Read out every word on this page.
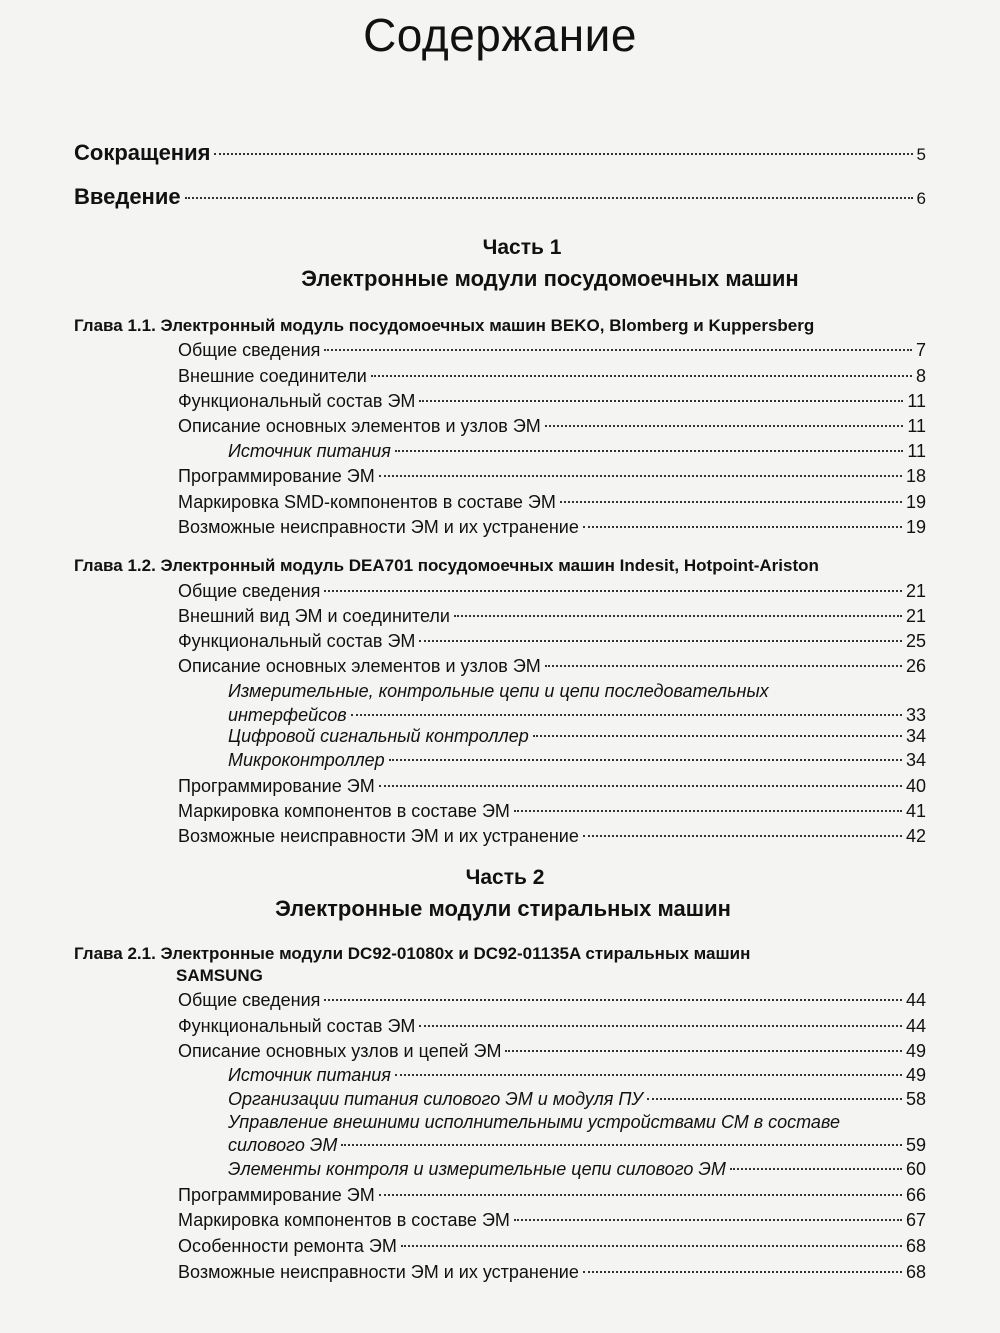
Содержание
Сокращения	5
Введение	6
Часть 1
Электронные модули посудомоечных машин
Глава 1.1. Электронный модуль посудомоечных машин BEKO, Blomberg и Kuppersberg
Общие сведения	7
Внешние соединители	8
Функциональный состав ЭМ	11
Описание основных элементов и узлов ЭМ	11
Источник питания	11
Программирование ЭМ	18
Маркировка SMD-компонентов в составе ЭМ	19
Возможные неисправности ЭМ и их устранение	19
Глава 1.2. Электронный модуль DEA701 посудомоечных машин Indesit, Hotpoint-Ariston
Общие сведения	21
Внешний вид ЭМ и соединители	21
Функциональный состав ЭМ	25
Описание основных элементов и узлов ЭМ	26
Измерительные, контрольные цепи и цепи последовательных
интерфейсов	33
Цифровой сигнальный контроллер	34
Микроконтроллер	34
Программирование ЭМ	40
Маркировка компонентов в составе ЭМ	41
Возможные неисправности ЭМ и их устранение	42
Часть 2
Электронные модули стиральных машин
Глава 2.1. Электронные модули DC92-01080x и DC92-01135A стиральных машин
SAMSUNG
Общие сведения	44
Функциональный состав ЭМ	44
Описание основных узлов и цепей ЭМ	49
Источник питания	49
Организации питания силового ЭМ и модуля ПУ	58
Управление внешними исполнительными устройствами СМ в составе
силового ЭМ	59
Элементы контроля и измерительные цепи силового ЭМ	60
Программирование ЭМ	66
Маркировка компонентов в составе ЭМ	67
Особенности ремонта ЭМ	68
Возможные неисправности ЭМ и их устранение	68
